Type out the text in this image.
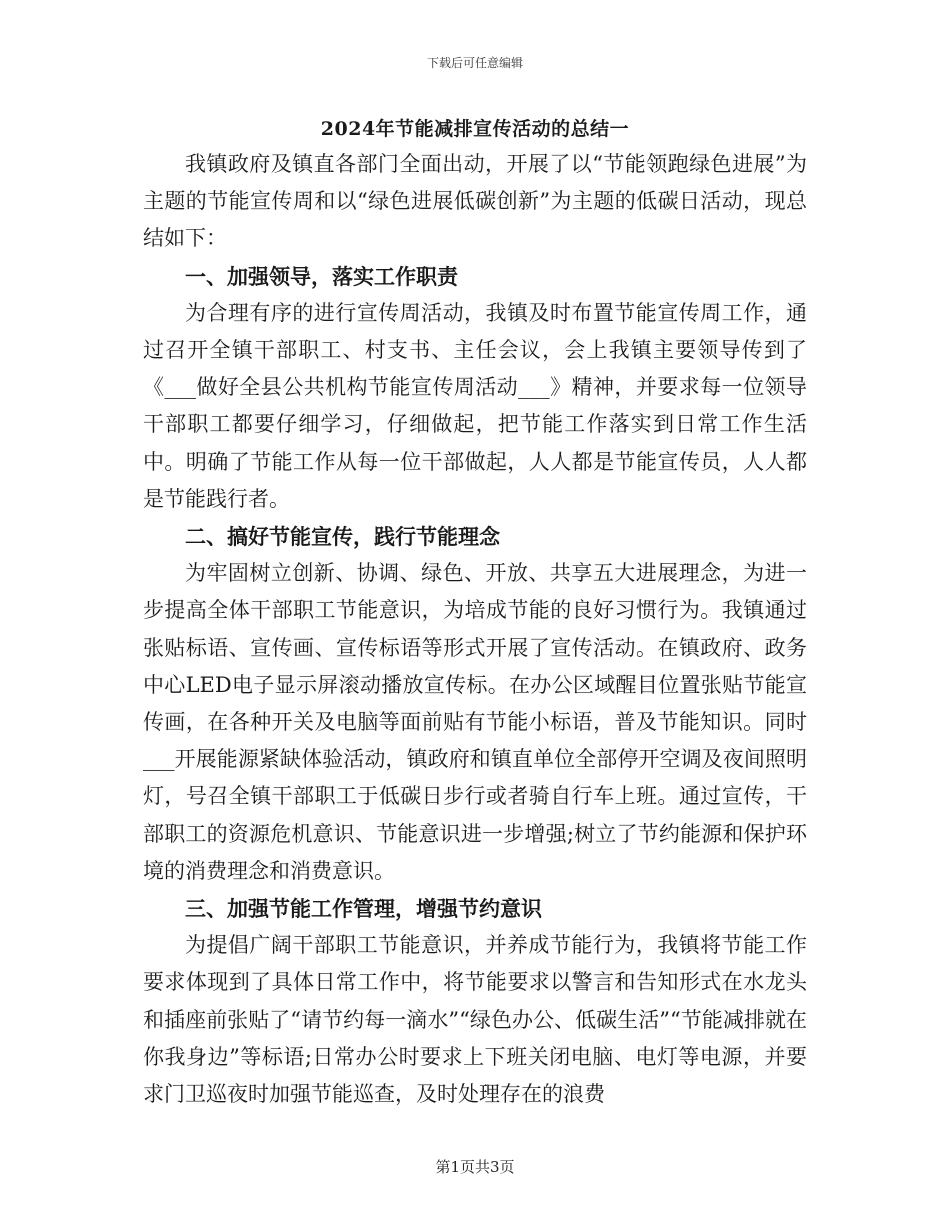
下载后可任意编辑
2024年节能减排宣传活动的总结一

我镇政府及镇直各部门全面出动，开展了以“节能领跑绿色进展”为主题的节能宣传周和以“绿色进展低碳创新”为主题的低碳日活动，现总结如下：

一、加强领导，落实工作职责

为合理有序的进行宣传周活动，我镇及时布置节能宣传周工作，通过召开全镇干部职工、村支书、主任会议，会上我镇主要领导传到了《___做好全县公共机构节能宣传周活动___》精神，并要求每一位领导干部职工都要仔细学习，仔细做起，把节能工作落实到日常工作生活中。明确了节能工作从每一位干部做起，人人都是节能宣传员，人人都是节能践行者。

二、搞好节能宣传，践行节能理念

为牢固树立创新、协调、绿色、开放、共享五大进展理念，为进一步提高全体干部职工节能意识，为培成节能的良好习惯行为。我镇通过张贴标语、宣传画、宣传标语等形式开展了宣传活动。在镇政府、政务中心LED电子显示屏滚动播放宣传标。在办公区域醒目位置张贴节能宣传画，在各种开关及电脑等面前贴有节能小标语，普及节能知识。同时___开展能源紧缺体验活动，镇政府和镇直单位全部停开空调及夜间照明灯，号召全镇干部职工于低碳日步行或者骑自行车上班。通过宣传，干部职工的资源危机意识、节能意识进一步增强;树立了节约能源和保护环境的消费理念和消费意识。

三、加强节能工作管理，增强节约意识

为提倡广阔干部职工节能意识，并养成节能行为，我镇将节能工作要求体现到了具体日常工作中，将节能要求以警言和告知形式在水龙头和插座前张贴了“请节约每一滴水”“绿色办公、低碳生活”“节能减排就在你我身边”等标语;日常办公时要求上下班关闭电脑、电灯等电源，并要求门卫巡夜时加强节能巡查，及时处理存在的浪费

第1页共3页
